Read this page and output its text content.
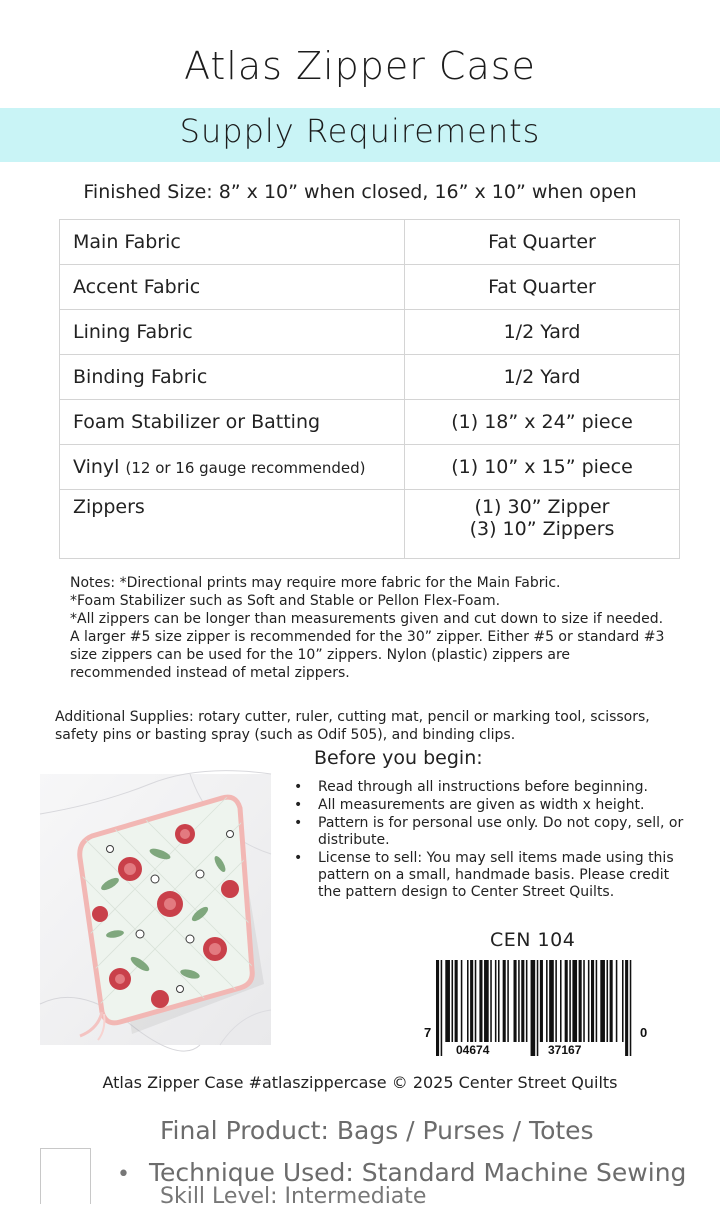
Atlas Zipper Case
Supply Requirements
Finished Size: 8” x 10” when closed, 16” x 10” when open
Main Fabric	Fat Quarter
Accent Fabric	Fat Quarter
Lining Fabric	1/2 Yard
Binding Fabric	1/2 Yard
Foam Stabilizer or Batting	(1) 18” x 24” piece
Vinyl (12 or 16 gauge recommended)	(1) 10” x 15” piece
Zippers	(1) 30” Zipper
(3) 10” Zippers

Notes: *Directional prints may require more fabric for the Main Fabric.

*Foam Stabilizer such as Soft and Stable or Pellon Flex-Foam.

*All zippers can be longer than measurements given and cut down to size if needed. A larger #5 size zipper is recommended for the 30” zipper. Either #5 or standard #3 size zippers can be used for the 10” zippers. Nylon (plastic) zippers are recommended instead of metal zippers.

Additional Supplies: rotary cutter, ruler, cutting mat, pencil or marking tool, scissors, safety pins or basting spray (such as Odif 505), and binding clips.
Before you begin:
• Read through all instructions before beginning.
• All measurements are given as width x height.
• Pattern is for personal use only. Do not copy, sell, or distribute.
• License to sell: You may sell items made using this pattern on a small, handmade basis. Please credit the pattern design to Center Street Quilts.
CEN 104
7
04674	37167
0
Atlas Zipper Case #atlaszippercase © 2025 Center Street Quilts
Final Product: Bags / Purses / Totes
• Technique Used: Standard Machine Sewing
Skill Level: Intermediate
